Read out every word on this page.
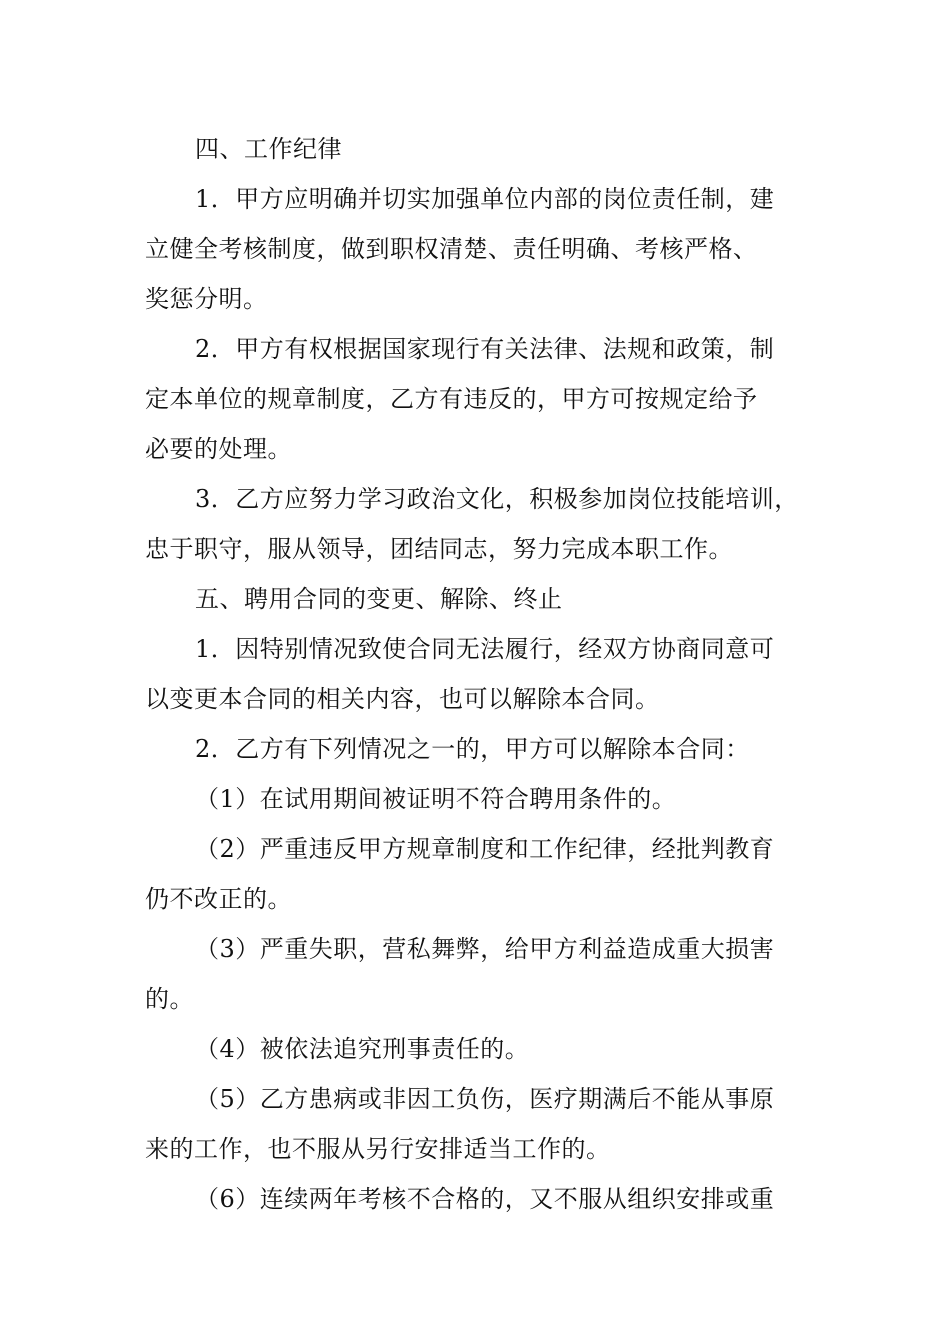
四、工作纪律
1．甲方应明确并切实加强单位内部的岗位责任制，建
立健全考核制度，做到职权清楚、责任明确、考核严格、
奖惩分明。
2．甲方有权根据国家现行有关法律、法规和政策，制
定本单位的规章制度，乙方有违反的，甲方可按规定给予
必要的处理。
3．乙方应努力学习政治文化，积极参加岗位技能培训，
忠于职守，服从领导，团结同志，努力完成本职工作。
五、聘用合同的变更、解除、终止
1．因特别情况致使合同无法履行，经双方协商同意可
以变更本合同的相关内容，也可以解除本合同。
2．乙方有下列情况之一的，甲方可以解除本合同：
（1）在试用期间被证明不符合聘用条件的。
（2）严重违反甲方规章制度和工作纪律，经批判教育
仍不改正的。
（3）严重失职，营私舞弊，给甲方利益造成重大损害
的。
（4）被依法追究刑事责任的。
（5）乙方患病或非因工负伤，医疗期满后不能从事原
来的工作，也不服从另行安排适当工作的。
（6）连续两年考核不合格的，又不服从组织安排或重
